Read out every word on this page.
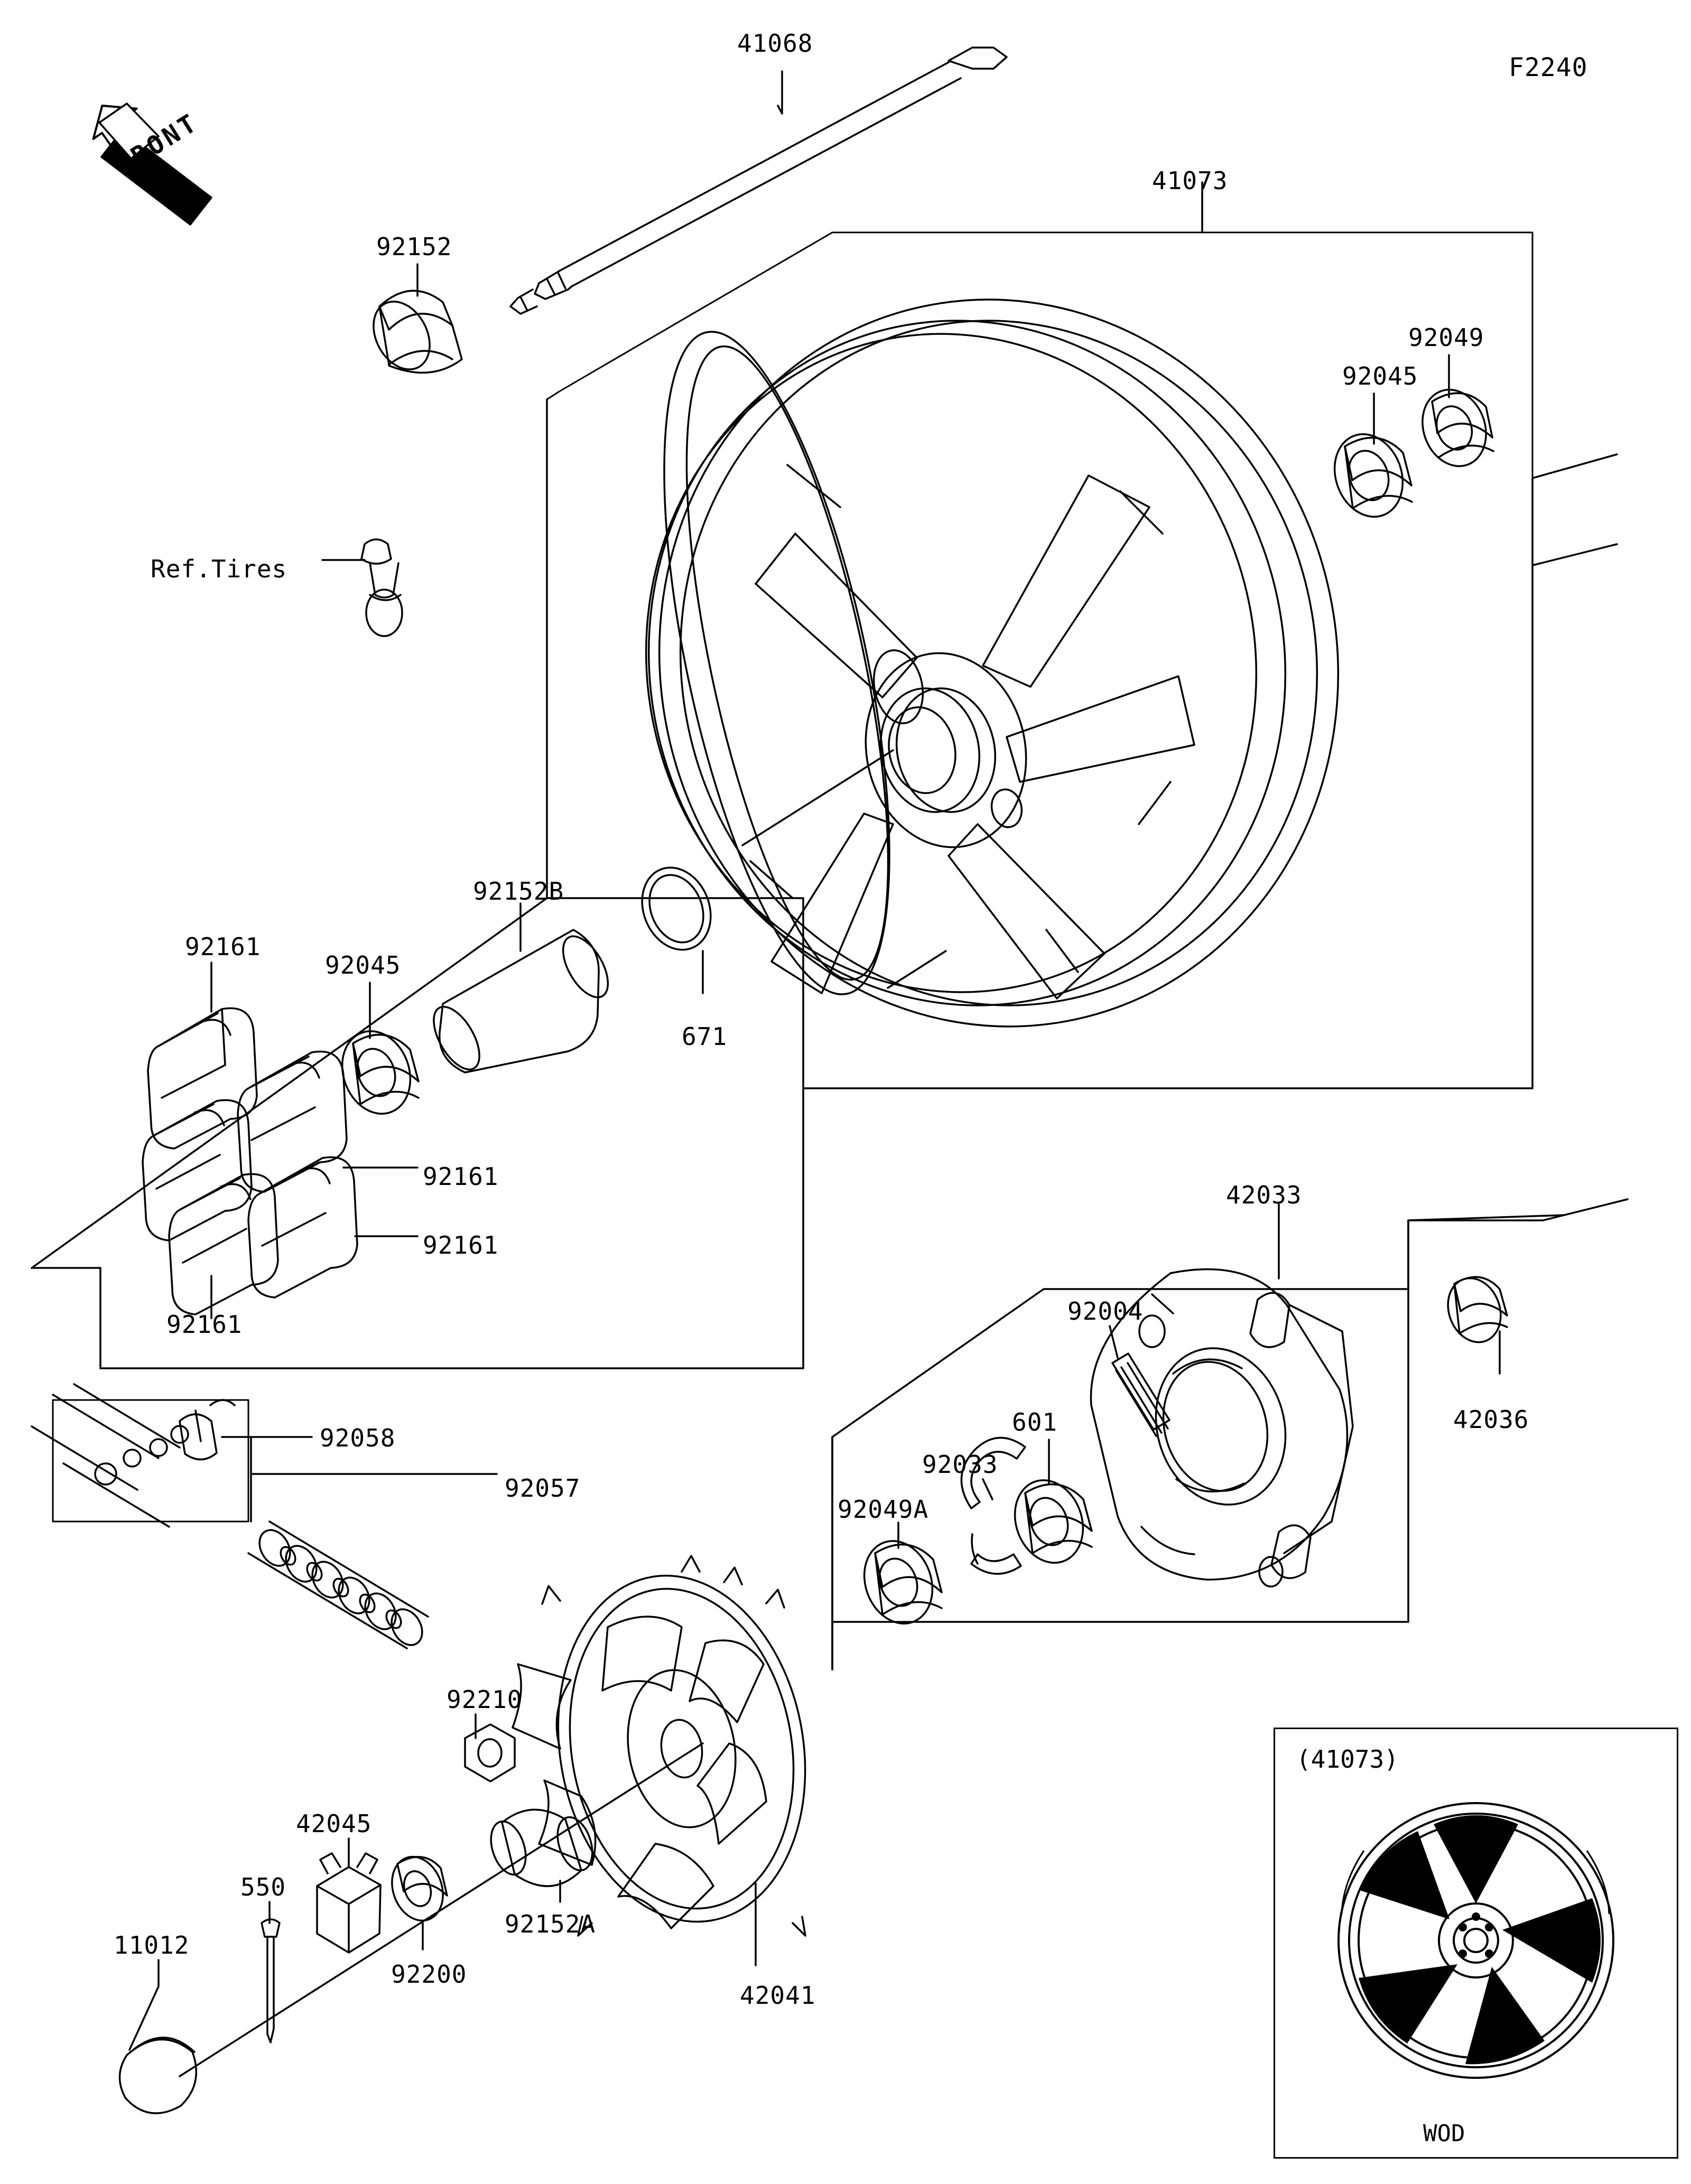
FRONT
F2240
Ref.Tires
41068
92152
41073
92045
92049
92152B
92161
92045
671
92161
92161
92161
42033
92004
42036
601
92033
92049A
92058
92057
92210
42045
550
92152A
11012
92200
42041
(41073)
WOD
